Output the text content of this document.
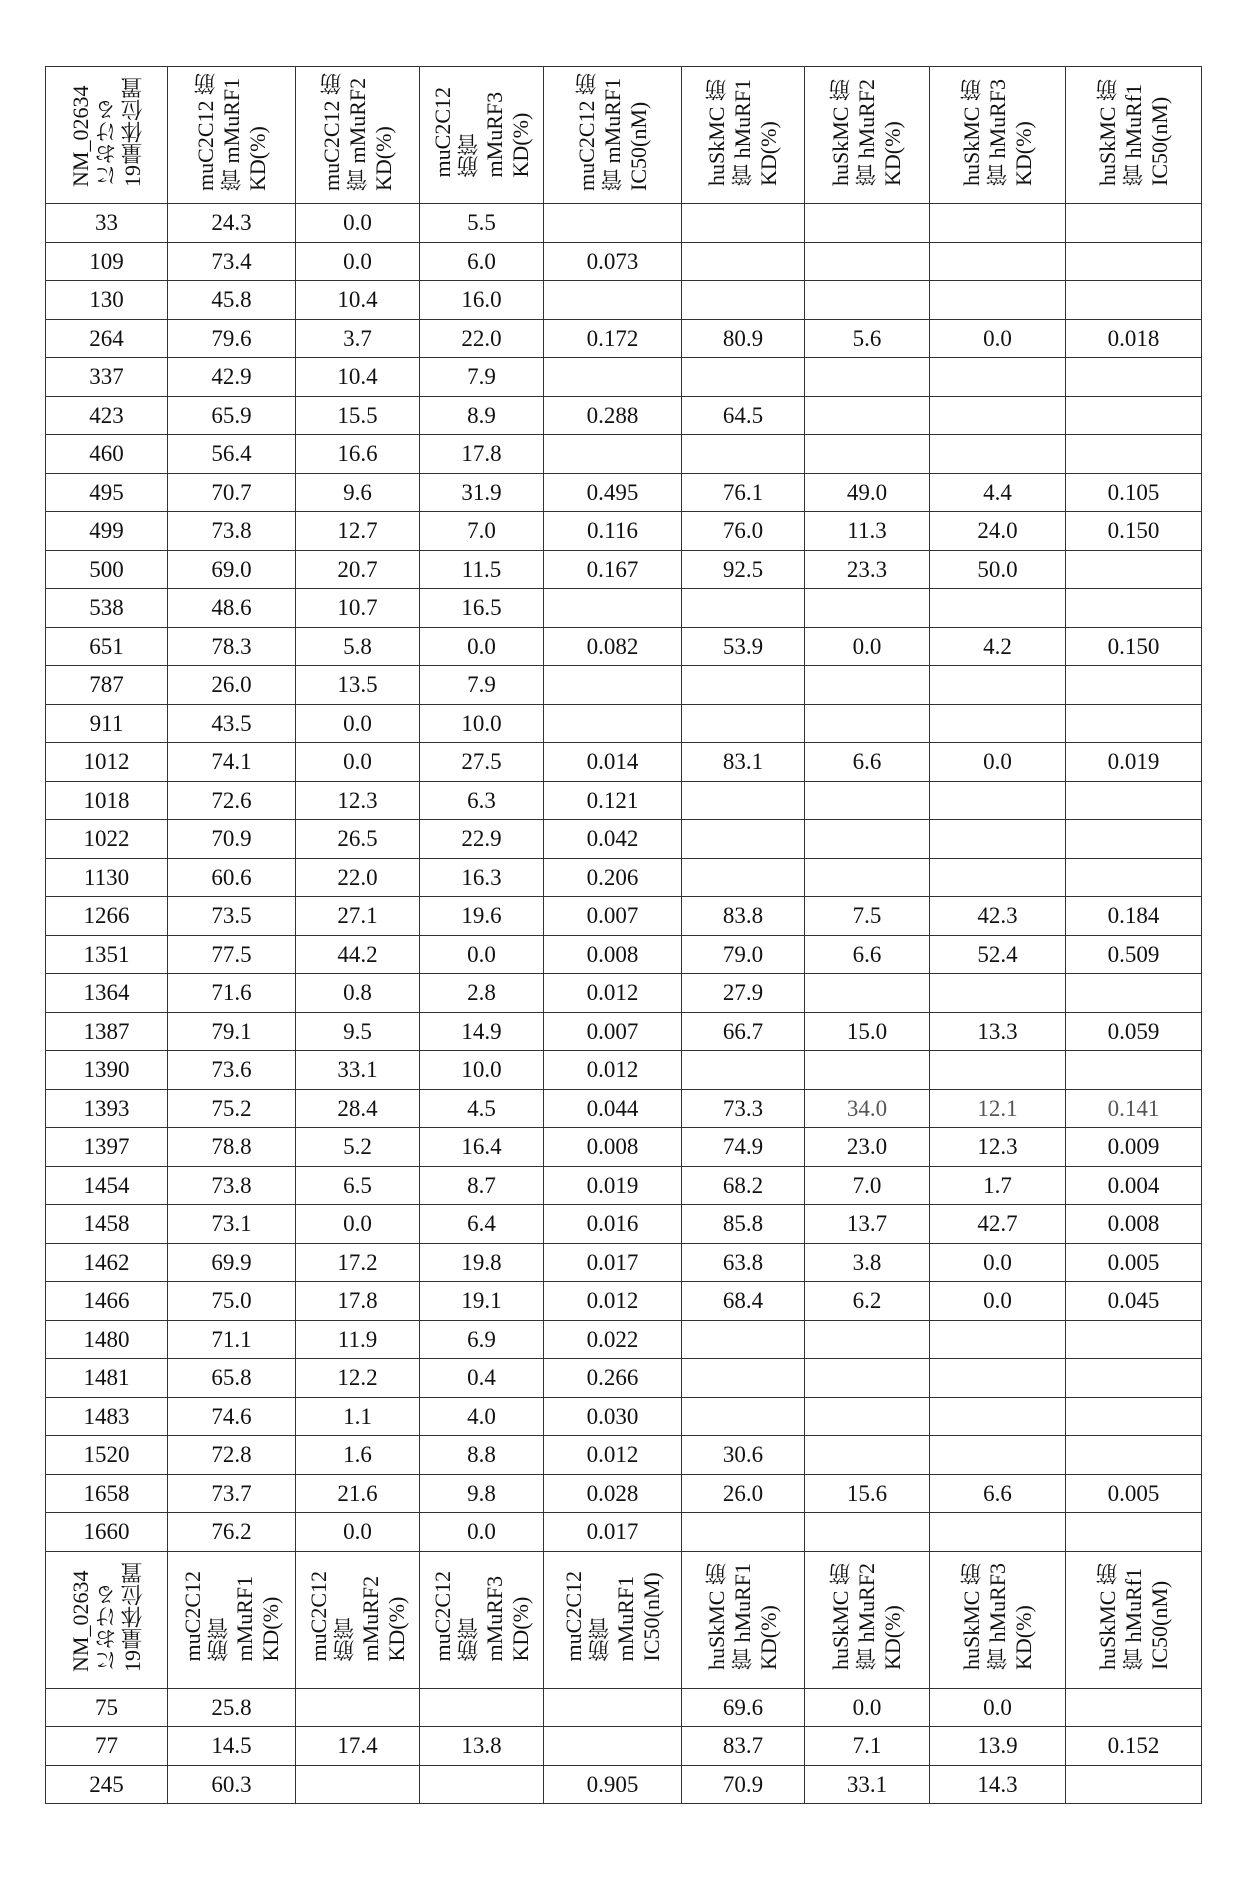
NM_02634
における
19量体位置	muC2C12 筋
管 mMuRF1
KD(%)	muC2C12 筋
管 mMuRF2
KD(%)	muC2C12
筋管
mMuRF3
KD(%)	muC2C12 筋
管 mMuRF1
IC50(nM)	huSkMC 筋
管 hMuRF1
KD(%)	huSkMC 筋
管 hMuRF2
KD(%)	huSkMC 筋
管 hMuRF3
KD(%)	huSkMC 筋
管 hMuRf1
IC50(nM)
33	24.3	0.0	5.5					
109	73.4	0.0	6.0	0.073				
130	45.8	10.4	16.0					
264	79.6	3.7	22.0	0.172	80.9	5.6	0.0	0.018
337	42.9	10.4	7.9					
423	65.9	15.5	8.9	0.288	64.5			
460	56.4	16.6	17.8					
495	70.7	9.6	31.9	0.495	76.1	49.0	4.4	0.105
499	73.8	12.7	7.0	0.116	76.0	11.3	24.0	0.150
500	69.0	20.7	11.5	0.167	92.5	23.3	50.0	
538	48.6	10.7	16.5					
651	78.3	5.8	0.0	0.082	53.9	0.0	4.2	0.150
787	26.0	13.5	7.9					
911	43.5	0.0	10.0					
1012	74.1	0.0	27.5	0.014	83.1	6.6	0.0	0.019
1018	72.6	12.3	6.3	0.121				
1022	70.9	26.5	22.9	0.042				
1130	60.6	22.0	16.3	0.206				
1266	73.5	27.1	19.6	0.007	83.8	7.5	42.3	0.184
1351	77.5	44.2	0.0	0.008	79.0	6.6	52.4	0.509
1364	71.6	0.8	2.8	0.012	27.9			
1387	79.1	9.5	14.9	0.007	66.7	15.0	13.3	0.059
1390	73.6	33.1	10.0	0.012				
1393	75.2	28.4	4.5	0.044	73.3	34.0	12.1	0.141
1397	78.8	5.2	16.4	0.008	74.9	23.0	12.3	0.009
1454	73.8	6.5	8.7	0.019	68.2	7.0	1.7	0.004
1458	73.1	0.0	6.4	0.016	85.8	13.7	42.7	0.008
1462	69.9	17.2	19.8	0.017	63.8	3.8	0.0	0.005
1466	75.0	17.8	19.1	0.012	68.4	6.2	0.0	0.045
1480	71.1	11.9	6.9	0.022				
1481	65.8	12.2	0.4	0.266				
1483	74.6	1.1	4.0	0.030				
1520	72.8	1.6	8.8	0.012	30.6			
1658	73.7	21.6	9.8	0.028	26.0	15.6	6.6	0.005
1660	76.2	0.0	0.0	0.017				
NM_02634
における
19量体位置	muC2C12
筋管
mMuRF1
KD(%)	muC2C12
筋管
mMuRF2
KD(%)	muC2C12
筋管
mMuRF3
KD(%)	muC2C12
筋管
mMuRF1
IC50(nM)	huSkMC 筋
管 hMuRF1
KD(%)	huSkMC 筋
管 hMuRF2
KD(%)	huSkMC 筋
管 hMuRF3
KD(%)	huSkMC 筋
管 hMuRf1
IC50(nM)
75	25.8				69.6	0.0	0.0	
77	14.5	17.4	13.8		83.7	7.1	13.9	0.152
245	60.3			0.905	70.9	33.1	14.3	
